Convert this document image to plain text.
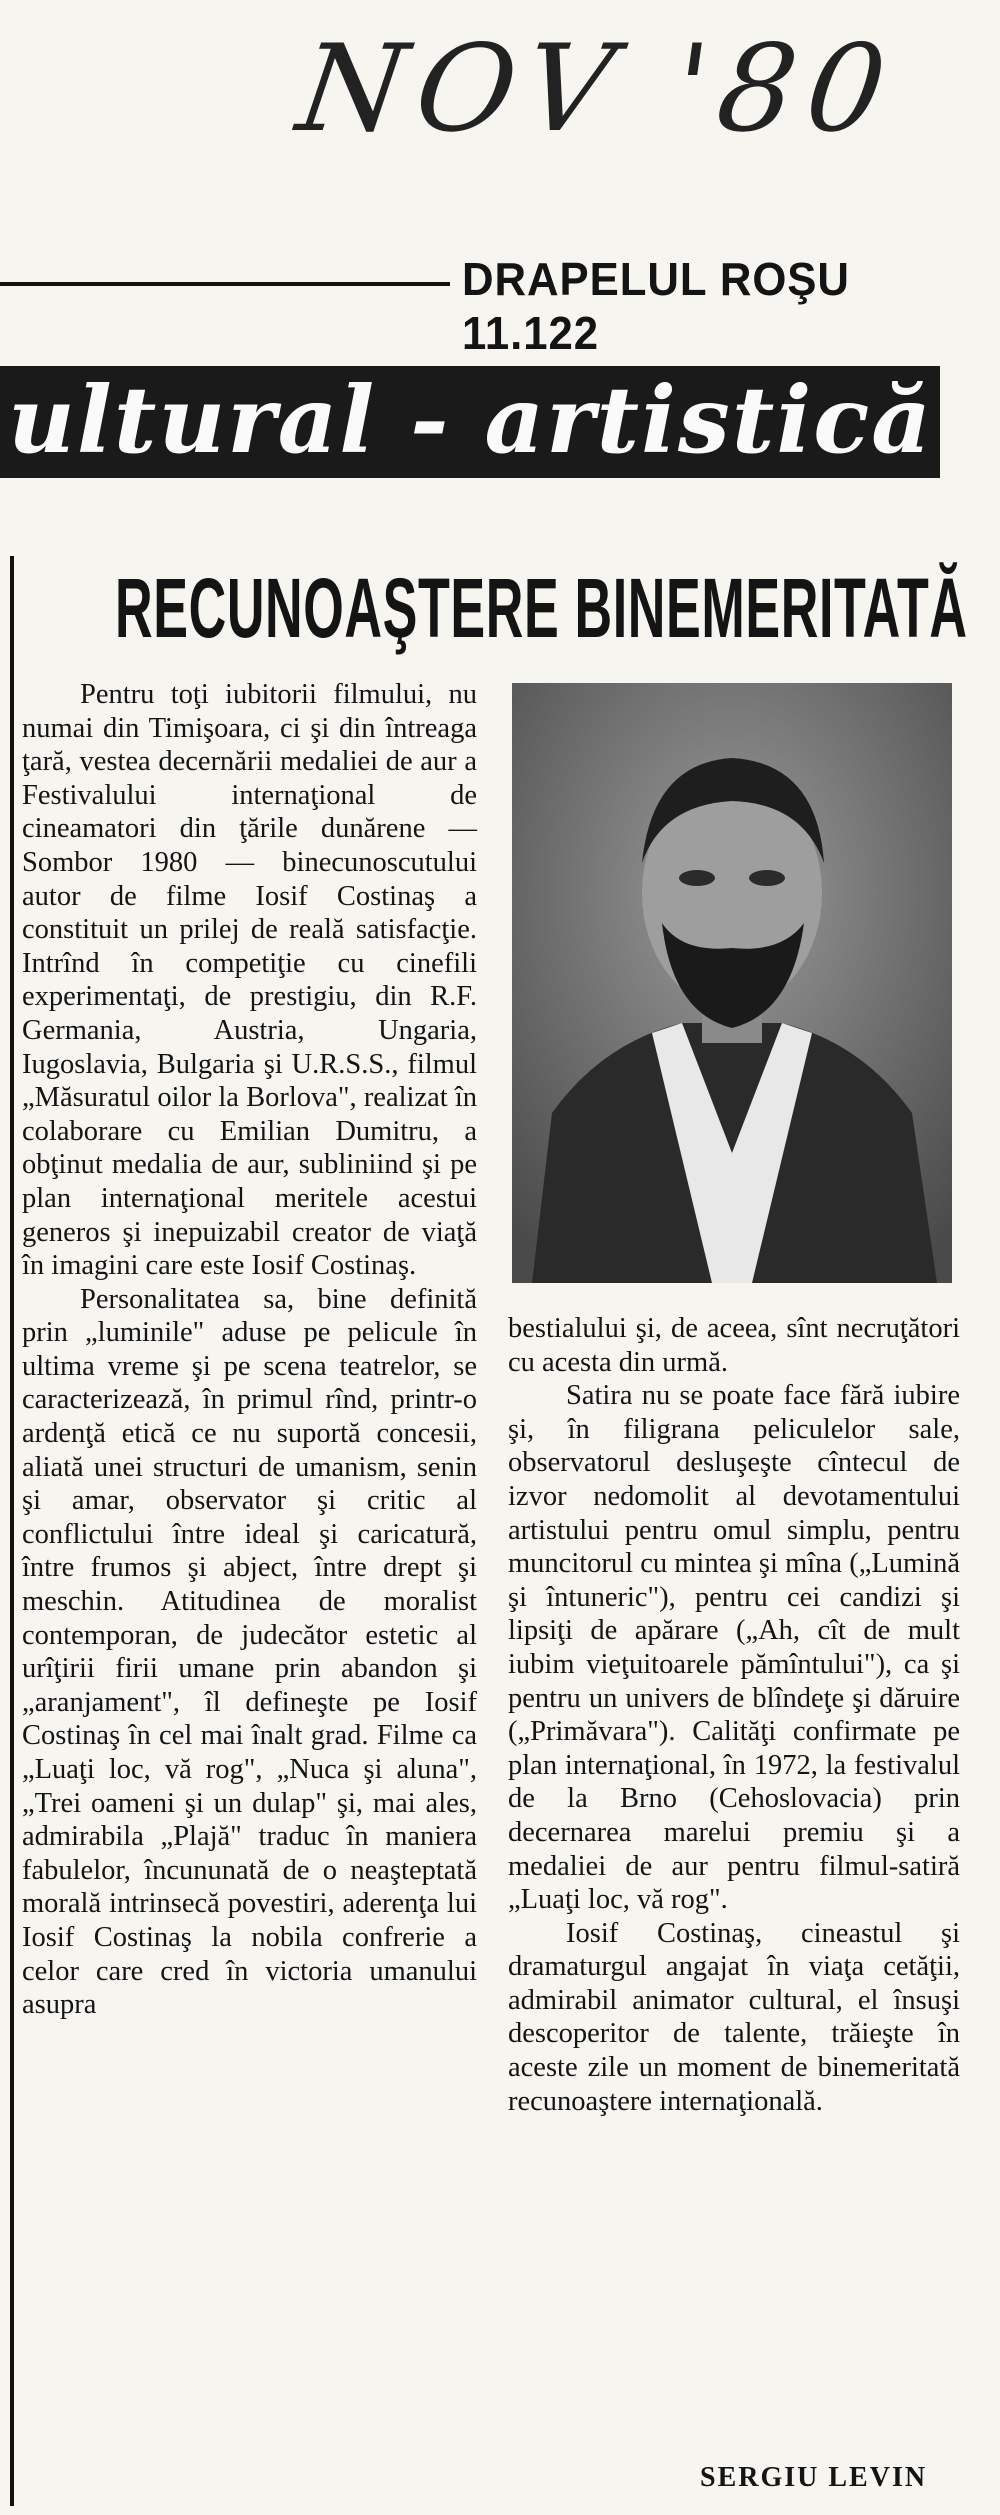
NOV '80
DRAPELUL ROŞU 11.122
ultural - artistică
RECUNOAŞTERE BINEMERITATĂ

Pentru toţi iubitorii filmului, nu numai din Timişoara, ci şi din întreaga ţară, vestea decernării medaliei de aur a Festivalului internaţional de cineamatori din ţările dunărene — Sombor 1980 — binecunoscutului autor de filme Iosif Costinaş a constituit un prilej de reală satisfacţie. Intrînd în competiţie cu cinefili experimentaţi, de prestigiu, din R.F. Germania, Austria, Ungaria, Iugoslavia, Bulgaria şi U.R.S.S., filmul „Măsuratul oilor la Borlova", realizat în colaborare cu Emilian Dumitru, a obţinut medalia de aur, subliniind şi pe plan internaţional meritele acestui generos şi inepuizabil creator de viaţă în imagini care este Iosif Costinaş.

Personalitatea sa, bine definită prin „luminile" aduse pe pelicule în ultima vreme şi pe scena teatrelor, se caracterizează, în primul rînd, printr-o ardenţă etică ce nu suportă concesii, aliată unei structuri de umanism, senin şi amar, observator şi critic al conflictului între ideal şi caricatură, între frumos şi abject, între drept şi meschin. Atitudinea de moralist contemporan, de judecător estetic al urîţirii firii umane prin abandon şi „aranjament", îl defineşte pe Iosif Costinaş în cel mai înalt grad. Filme ca „Luaţi loc, vă rog", „Nuca şi aluna", „Trei oameni şi un dulap" şi, mai ales, admirabila „Plajă" traduc în maniera fabulelor, încununată de o neaşteptată morală intrinsecă povestiri, aderenţa lui Iosif Costinaş la nobila confrerie a celor care cred în victoria umanului asupra

bestialului şi, de aceea, sînt necruţători cu acesta din urmă.

Satira nu se poate face fără iubire şi, în filigrana peliculelor sale, observatorul desluşeşte cîntecul de izvor nedomolit al devotamentului artistului pentru omul simplu, pentru muncitorul cu mintea şi mîna („Lumină şi întuneric"), pentru cei candizi şi lipsiţi de apărare („Ah, cît de mult iubim vieţuitoarele pămîntului"), ca şi pentru un univers de blîndeţe şi dăruire („Primăvara"). Calităţi confirmate pe plan internaţional, în 1972, la festivalul de la Brno (Cehoslovacia) prin decernarea marelui premiu şi a medaliei de aur pentru filmul-satiră „Luaţi loc, vă rog".

Iosif Costinaş, cineastul şi dramaturgul angajat în viaţa cetăţii, admirabil animator cultural, el însuşi descoperitor de talente, trăieşte în aceste zile un moment de binemeritată recunoaştere internaţională.

SERGIU LEVIN
